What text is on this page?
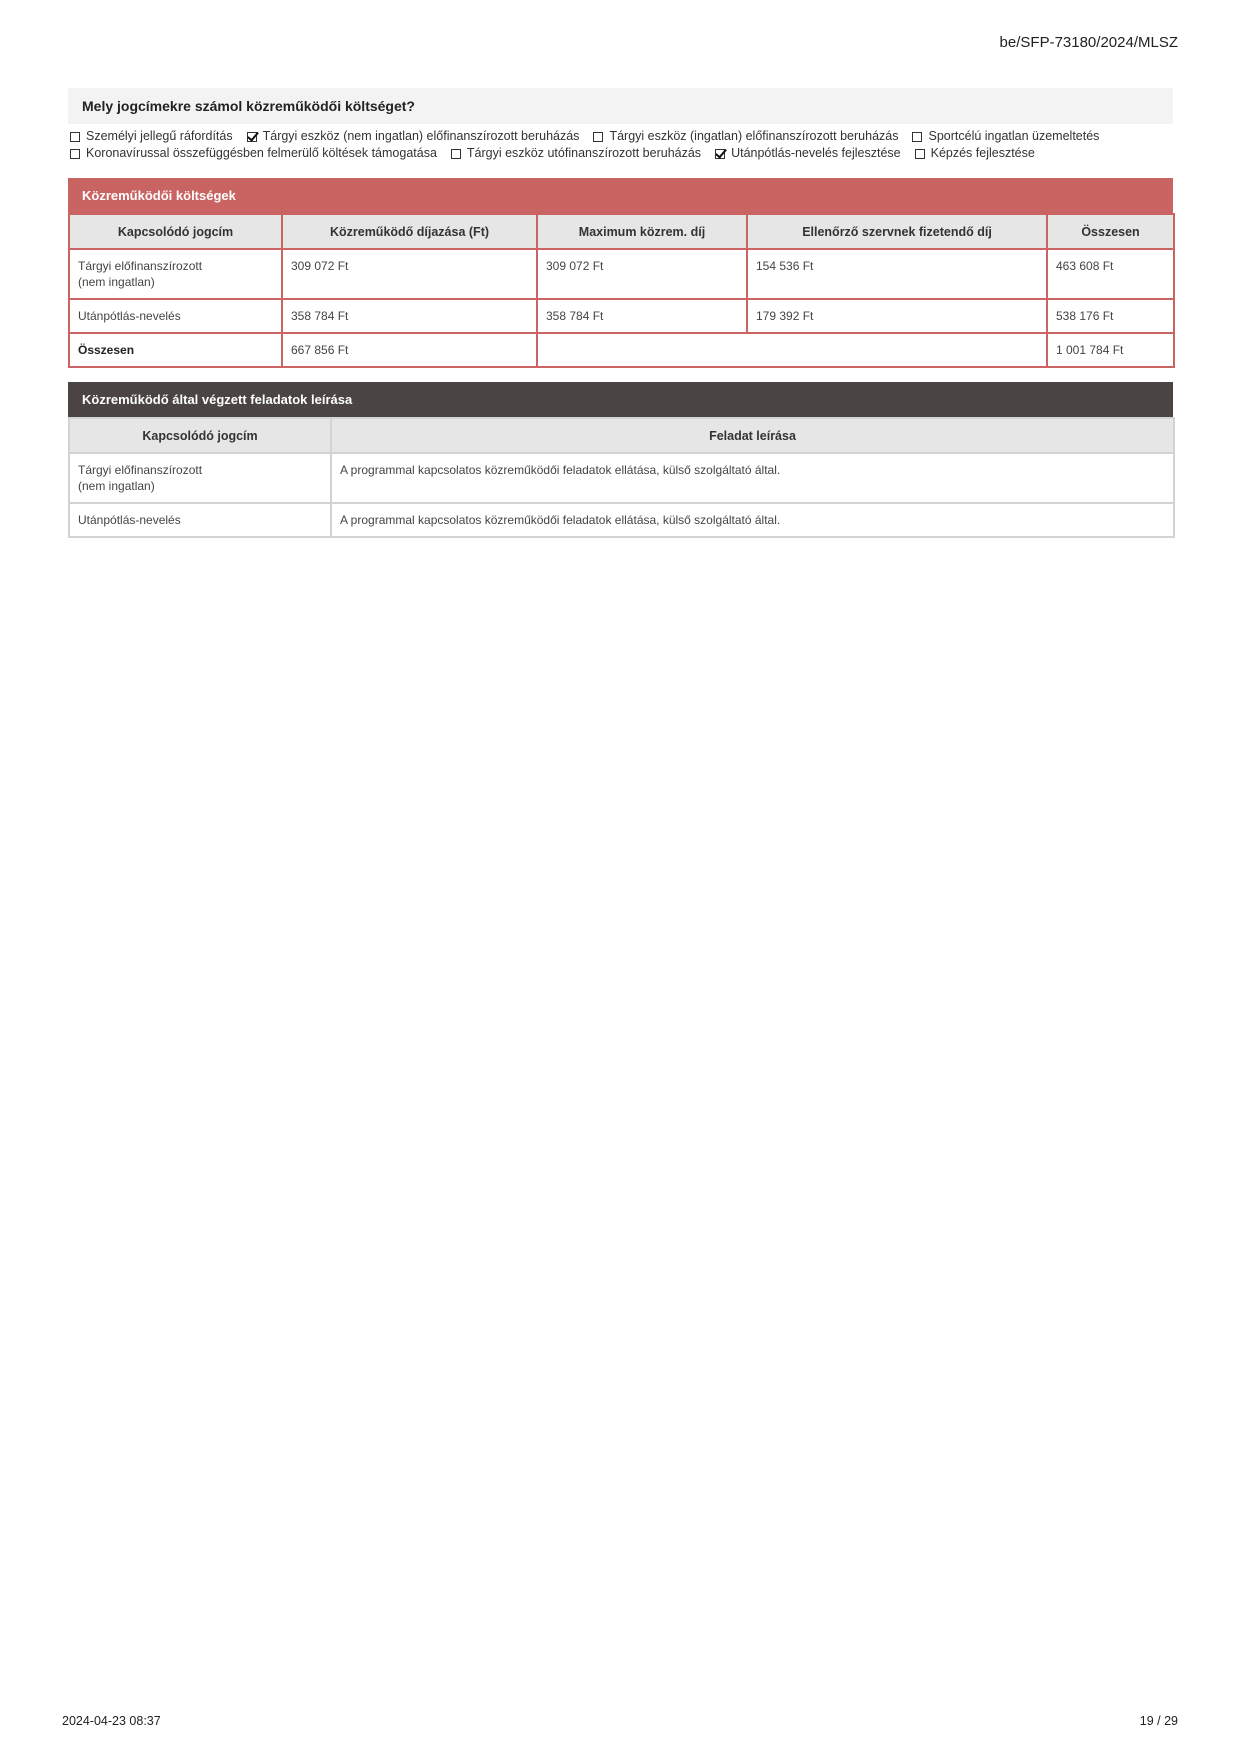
be/SFP-73180/2024/MLSZ
Mely jogcímekre számol közreműködői költséget?
Személyi jellegű ráfordítás Tárgyi eszköz (nem ingatlan) előfinanszírozott beruházás Tárgyi eszköz (ingatlan) előfinanszírozott beruházás Sportcélú ingatlan üzemeltetés
Koronavírussal összefüggésben felmerülő költések támogatása Tárgyi eszköz utófinanszírozott beruházás Utánpótlás-nevelés fejlesztése Képzés fejlesztése
Közreműködői költségek
Kapcsolódó jogcím	Közreműködő díjazása (Ft)	Maximum közrem. díj	Ellenőrző szervnek fizetendő díj	Összesen

Tárgyi előfinanszírozott
(nem ingatlan)	309 072 Ft	309 072 Ft	154 536 Ft	463 608 Ft

Utánpótlás-nevelés	358 784 Ft	358 784 Ft	179 392 Ft	538 176 Ft
Összesen	667 856 Ft			1 001 784 Ft
Közreműködő által végzett feladatok leírása
Kapcsolódó jogcím	Feladat leírása

Tárgyi előfinanszírozott
(nem ingatlan)	A programmal kapcsolatos közreműködői feladatok ellátása, külső szolgáltató által.

Utánpótlás-nevelés	A programmal kapcsolatos közreműködői feladatok ellátása, külső szolgáltató által.
2024-04-23 08:37	19 / 29
